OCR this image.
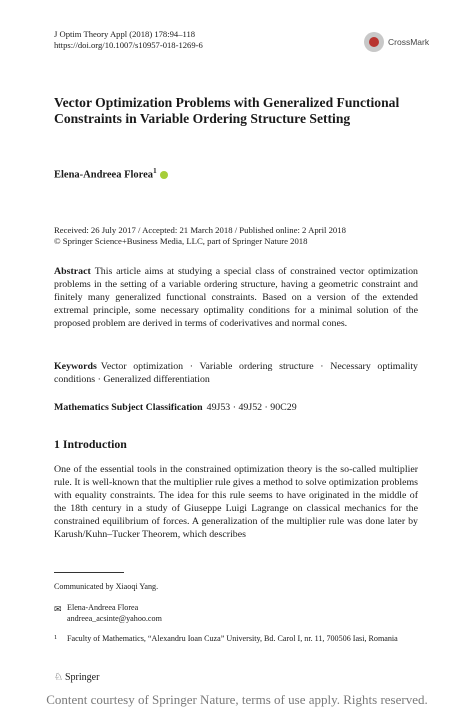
J Optim Theory Appl (2018) 178:94–118
https://doi.org/10.1007/s10957-018-1269-6	CrossMark
Vector Optimization Problems with Generalized Functional Constraints in Variable Ordering Structure Setting
Elena-Andreea Florea$^1$
Received: 26 July 2017 / Accepted: 21 March 2018 / Published online: 2 April 2018
© Springer Science+Business Media, LLC, part of Springer Nature 2018
Abstract This article aims at studying a special class of constrained vector optimization problems in the setting of a variable ordering structure, having a geometric constraint and finitely many generalized functional constraints. Based on a version of the extended extremal principle, some necessary optimality conditions for a minimal solution of the proposed problem are derived in terms of coderivatives and normal cones.
Keywords Vector optimization · Variable ordering structure · Necessary optimality conditions · Generalized differentiation
Mathematics Subject Classification 49J53 · 49J52 · 90C29
1 Introduction
One of the essential tools in the constrained optimization theory is the so-called multiplier rule. It is well-known that the multiplier rule gives a method to solve optimization problems with equality constraints. The idea for this rule seems to have originated in the middle of the 18th century in a study of Giuseppe Luigi Lagrange on classical mechanics for the constrained equilibrium of forces. A generalization of the multiplier rule was done later by Karush/Kuhn–Tucker Theorem, which describes
Communicated by Xiaoqi Yang.
✉ Elena-Andreea Florea
andreea_acsinte@yahoo.com
1 Faculty of Mathematics, “Alexandru Ioan Cuza” University, Bd. Carol I, nr. 11, 700506 Iasi, Romania
♘ Springer
Content courtesy of Springer Nature, terms of use apply. Rights reserved.
